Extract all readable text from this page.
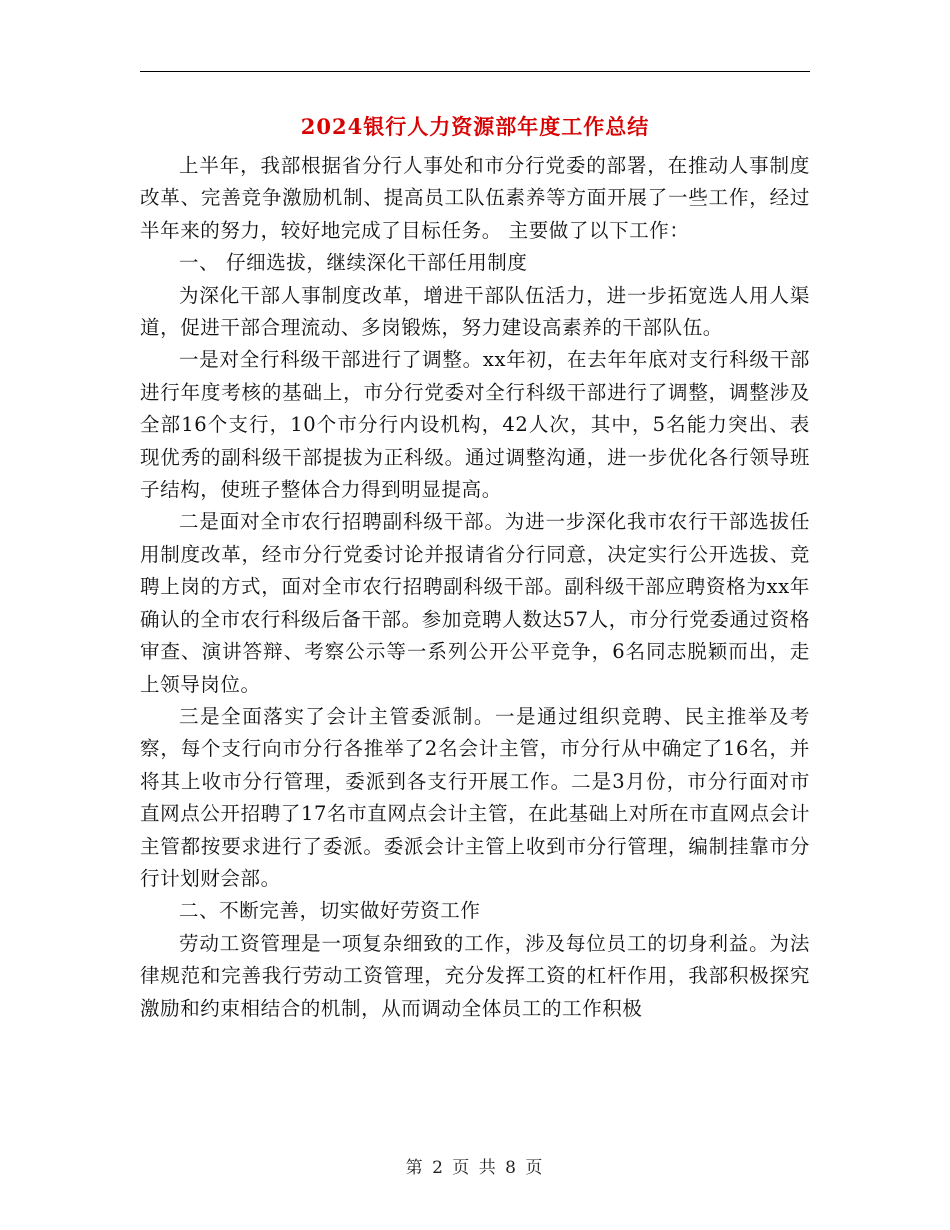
2024银行人力资源部年度工作总结

上半年，我部根据省分行人事处和市分行党委的部署，在推动人事制度改革、完善竞争激励机制、提高员工队伍素养等方面开展了一些工作，经过半年来的努力，较好地完成了目标任务。 主要做了以下工作：

一、 仔细选拔，继续深化干部任用制度

为深化干部人事制度改革，增进干部队伍活力，进一步拓宽选人用人渠道，促进干部合理流动、多岗锻炼，努力建设高素养的干部队伍。

一是对全行科级干部进行了调整。xx年初，在去年年底对支行科级干部进行年度考核的基础上，市分行党委对全行科级干部进行了调整，调整涉及全部16个支行，10个市分行内设机构，42人次，其中，5名能力突出、表现优秀的副科级干部提拔为正科级。通过调整沟通，进一步优化各行领导班子结构，使班子整体合力得到明显提高。

二是面对全市农行招聘副科级干部。为进一步深化我市农行干部选拔任用制度改革，经市分行党委讨论并报请省分行同意，决定实行公开选拔、竞聘上岗的方式，面对全市农行招聘副科级干部。副科级干部应聘资格为xx年确认的全市农行科级后备干部。参加竞聘人数达57人，市分行党委通过资格审查、演讲答辩、考察公示等一系列公开公平竞争，6名同志脱颖而出，走上领导岗位。

三是全面落实了会计主管委派制。一是通过组织竞聘、民主推举及考察，每个支行向市分行各推举了2名会计主管，市分行从中确定了16名，并将其上收市分行管理，委派到各支行开展工作。二是3月份，市分行面对市直网点公开招聘了17名市直网点会计主管，在此基础上对所在市直网点会计主管都按要求进行了委派。委派会计主管上收到市分行管理，编制挂靠市分行计划财会部。

二、不断完善，切实做好劳资工作

劳动工资管理是一项复杂细致的工作，涉及每位员工的切身利益。为法律规范和完善我行劳动工资管理，充分发挥工资的杠杆作用，我部积极探究激励和约束相结合的机制，从而调动全体员工的工作积极

第 2 页 共 8 页
